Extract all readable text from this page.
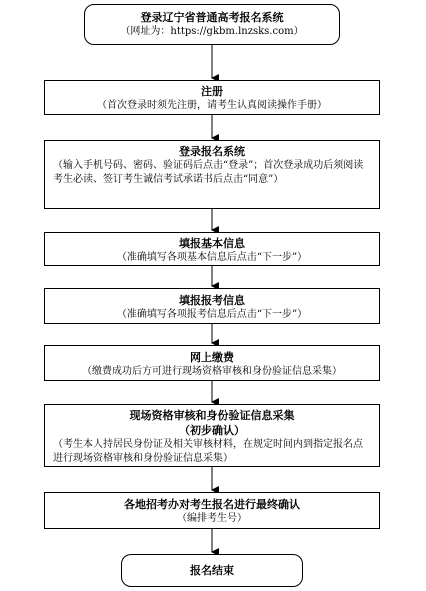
登录辽宁省普通高考报名系统
（网址为：https://gkbm.lnzsks.com）
注册
（首次登录时须先注册，请考生认真阅读操作手册）
登录报名系统
（输入手机号码、密码、验证码后点击“登录”；首次登录成功后须阅读考生必读、签订考生诚信考试承诺书后点击“同意”）
填报基本信息
（准确填写各项基本信息后点击“下一步”）
填报报考信息
（准确填写各项报考信息后点击“下一步”）
网上缴费
（缴费成功后方可进行现场资格审核和身份验证信息采集）
现场资格审核和身份验证信息采集
（初步确认）
（考生本人持居民身份证及相关审核材料，在规定时间内到指定报名点进行现场资格审核和身份验证信息采集）
各地招考办对考生报名进行最终确认
（编排考生号）
报名结束
